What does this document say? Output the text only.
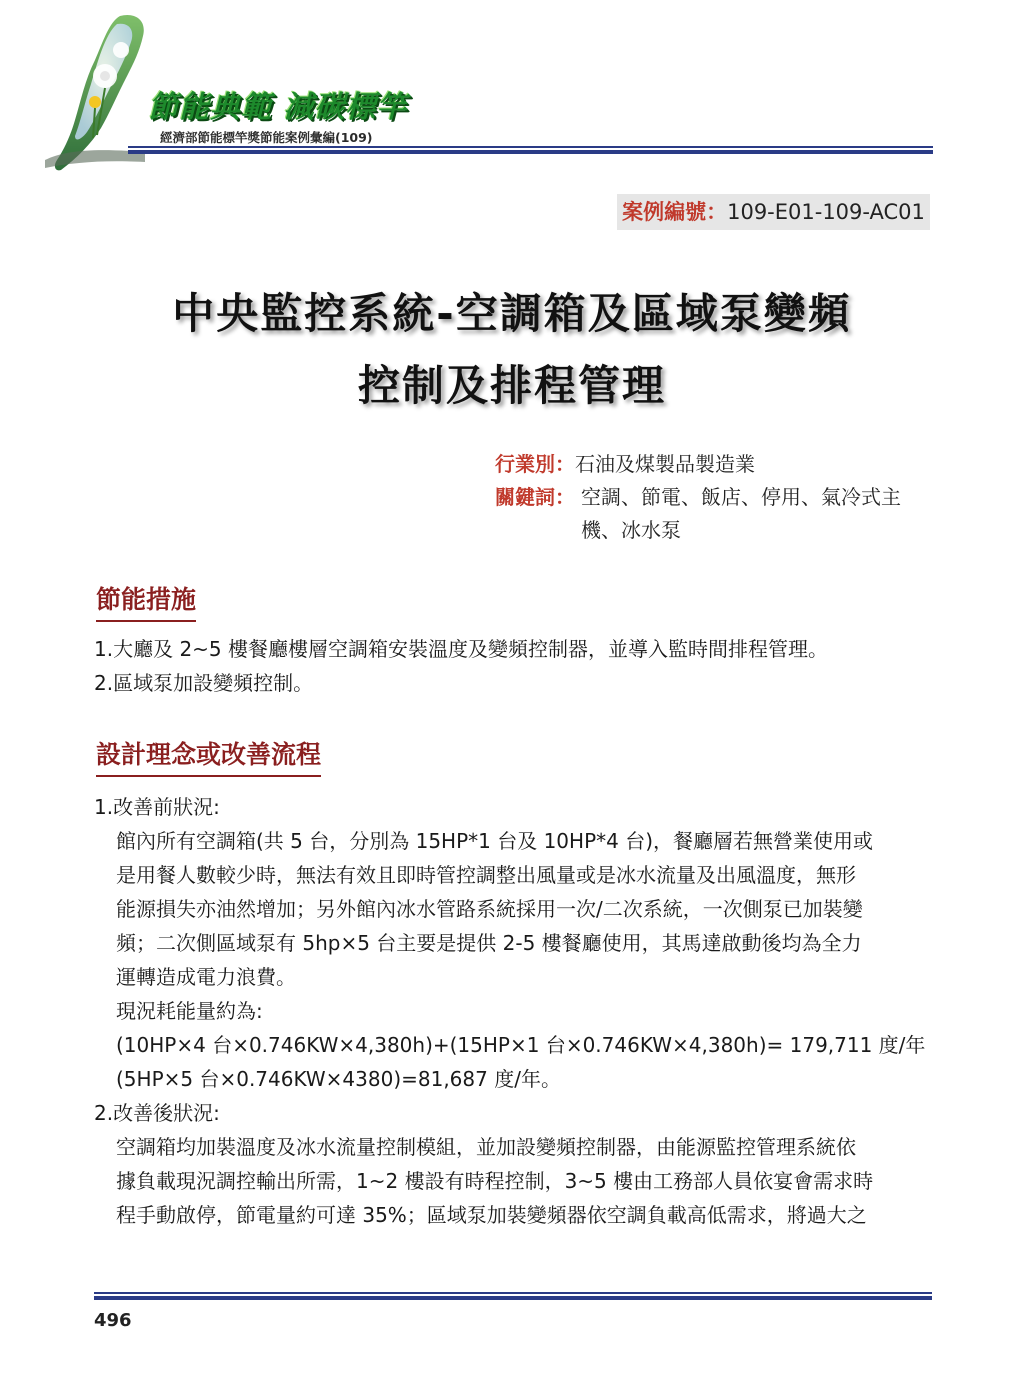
節能典範 減碳標竿
經濟部節能標竿獎節能案例彙編(109)
案例編號：109-E01-109-AC01
中央監控系統-空調箱及區域泵變頻
控制及排程管理
行業別：石油及煤製品製造業
關鍵詞： 空調、節電、飯店、停用、氣冷式主機、冰水泵
節能措施
1.大廳及 2~5 樓餐廳樓層空調箱安裝溫度及變頻控制器，並導入監時間排程管理。
2.區域泵加設變頻控制。
設計理念或改善流程
1.改善前狀況:
館內所有空調箱(共 5 台，分別為 15HP*1 台及 10HP*4 台)，餐廳層若無營業使用或
是用餐人數較少時，無法有效且即時管控調整出風量或是冰水流量及出風溫度，無形
能源損失亦油然增加；另外館內冰水管路系統採用一次/二次系統，一次側泵已加裝變
頻；二次側區域泵有 5hp×5 台主要是提供 2-5 樓餐廳使用，其馬達啟動後均為全力
運轉造成電力浪費。
現況耗能量約為:
(10HP×4 台×0.746KW×4,380h)+(15HP×1 台×0.746KW×4,380h)= 179,711 度/年
(5HP×5 台×0.746KW×4380)=81,687 度/年。
2.改善後狀況:
空調箱均加裝溫度及冰水流量控制模組，並加設變頻控制器，由能源監控管理系統依
據負載現況調控輸出所需，1~2 樓設有時程控制，3~5 樓由工務部人員依宴會需求時
程手動啟停，節電量約可達 35%；區域泵加裝變頻器依空調負載高低需求，將過大之
496
